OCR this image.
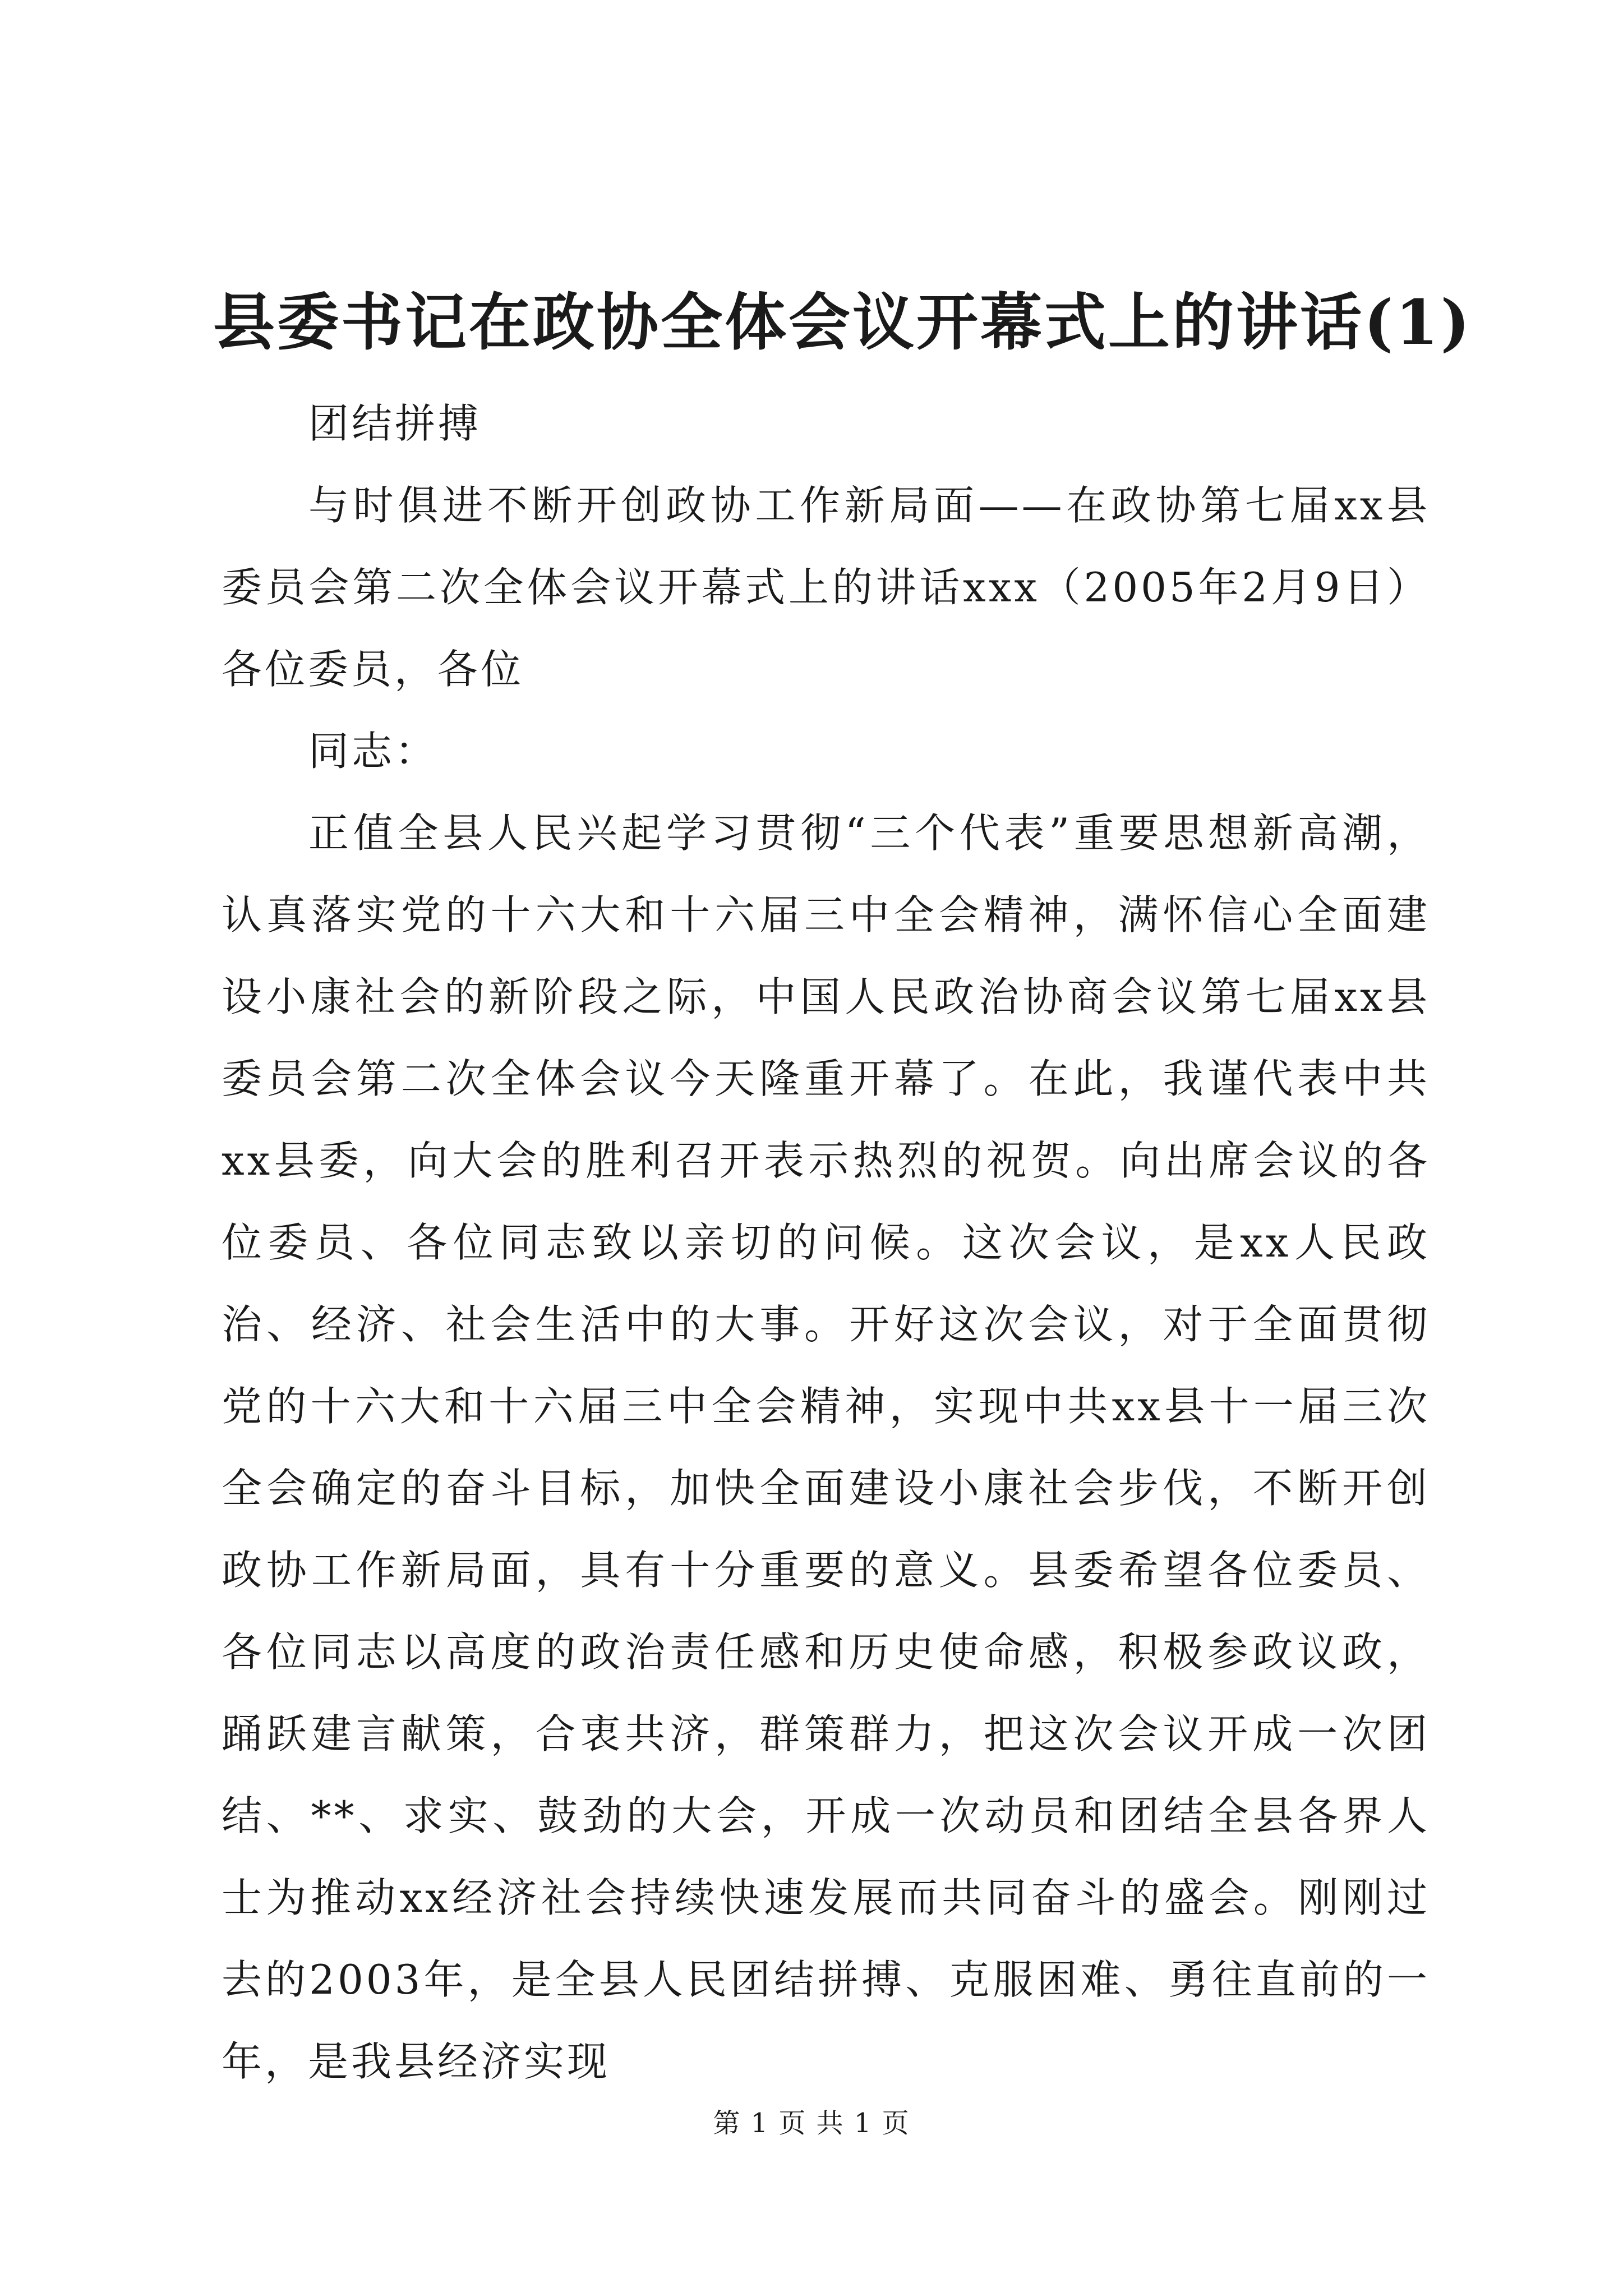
县委书记在政协全体会议开幕式上的讲话(1)

团结拼搏

与时俱进不断开创政协工作新局面——在政协第七届xx县委员会第二次全体会议开幕式上的讲话xxx（2005年2月9日）各位委员，各位

同志：

正值全县人民兴起学习贯彻“三个代表”重要思想新高潮，认真落实党的十六大和十六届三中全会精神，满怀信心全面建设小康社会的新阶段之际，中国人民政治协商会议第七届xx县委员会第二次全体会议今天隆重开幕了。在此，我谨代表中共xx县委，向大会的胜利召开表示热烈的祝贺。向出席会议的各位委员、各位同志致以亲切的问候。这次会议，是xx人民政治、经济、社会生活中的大事。开好这次会议，对于全面贯彻党的十六大和十六届三中全会精神，实现中共xx县十一届三次全会确定的奋斗目标，加快全面建设小康社会步伐，不断开创政协工作新局面，具有十分重要的意义。县委希望各位委员、各位同志以高度的政治责任感和历史使命感，积极参政议政，踊跃建言献策，合衷共济，群策群力，把这次会议开成一次团结、**、求实、鼓劲的大会，开成一次动员和团结全县各界人士为推动xx经济社会持续快速发展而共同奋斗的盛会。刚刚过去的2003年，是全县人民团结拼搏、克服困难、勇往直前的一年，是我县经济实现

第 1 页 共 1 页
